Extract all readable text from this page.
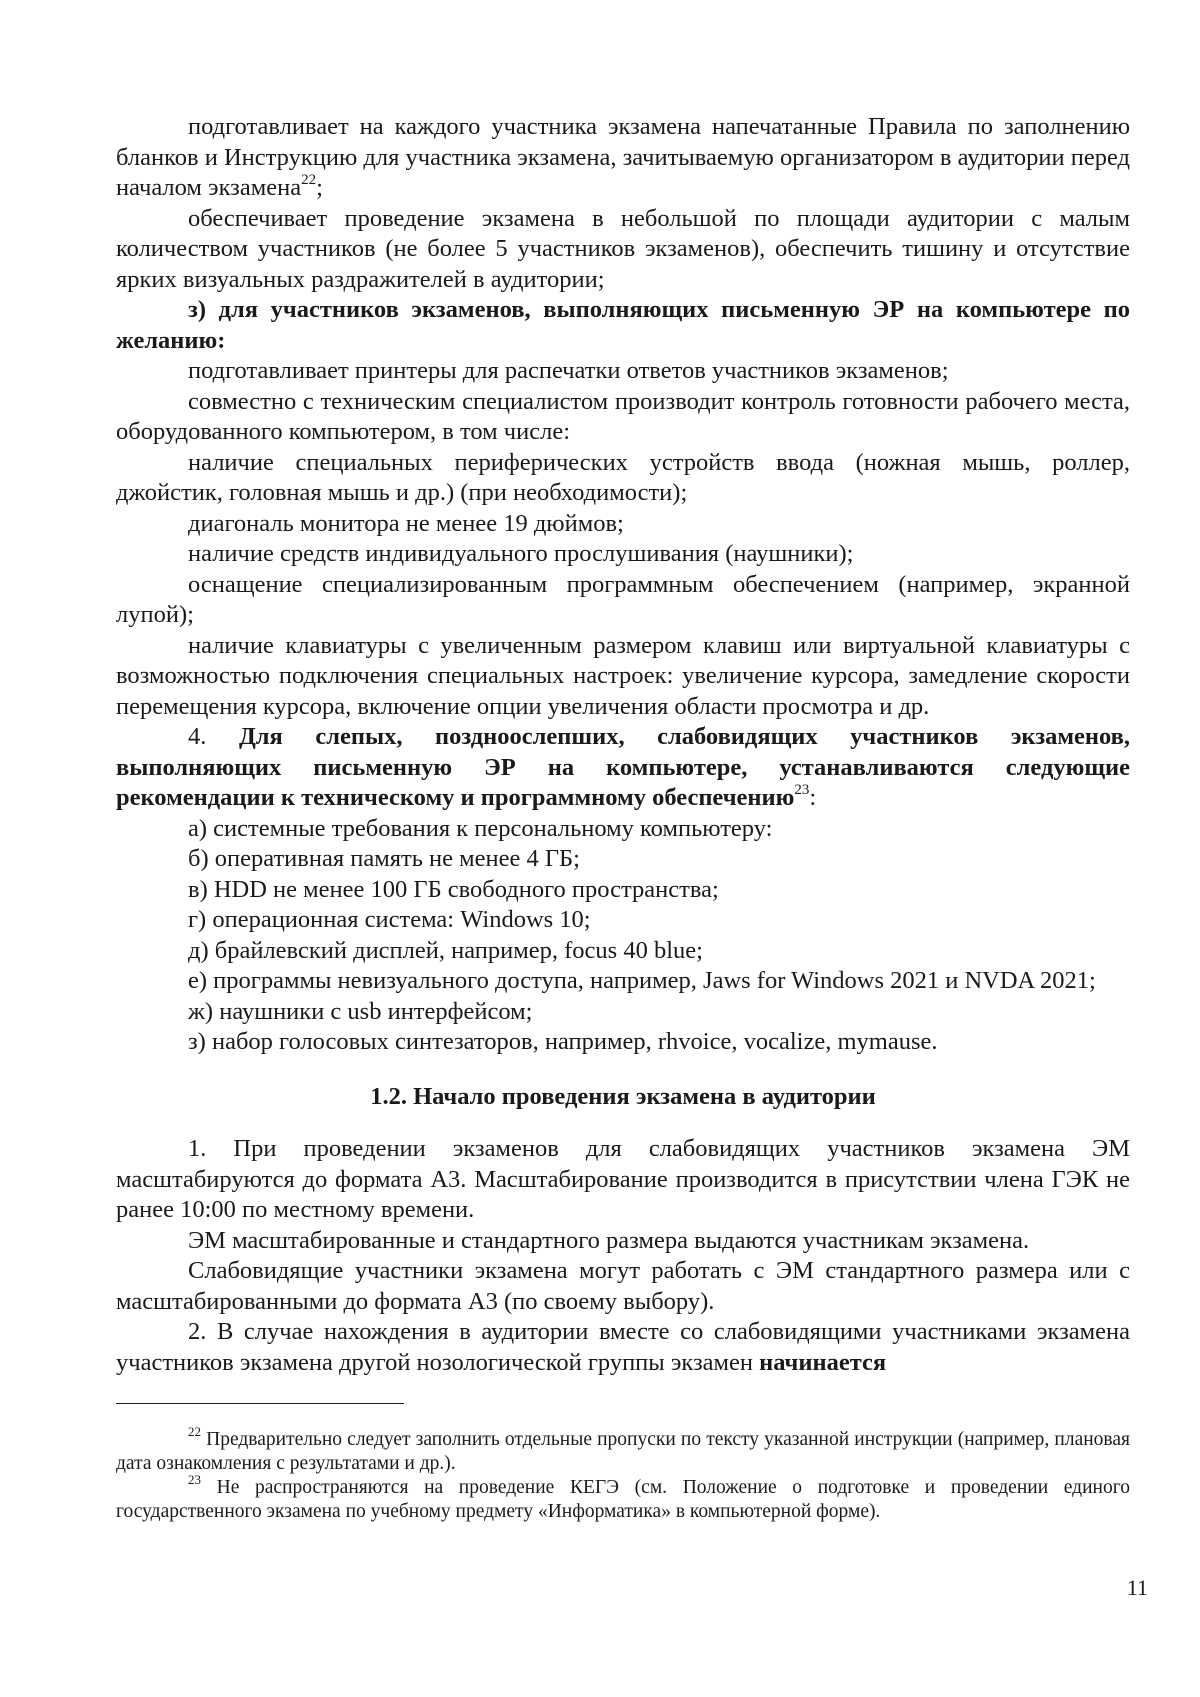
подготавливает на каждого участника экзамена напечатанные Правила по заполнению бланков и Инструкцию для участника экзамена, зачитываемую организатором в аудитории перед началом экзамена$^{22}$;

обеспечивает проведение экзамена в небольшой по площади аудитории с малым количеством участников (не более 5 участников экзаменов), обеспечить тишину и отсутствие ярких визуальных раздражителей в аудитории;

з) для участников экзаменов, выполняющих письменную ЭР на компьютере по желанию:

подготавливает принтеры для распечатки ответов участников экзаменов;

совместно с техническим специалистом производит контроль готовности рабочего места, оборудованного компьютером, в том числе:

наличие специальных периферических устройств ввода (ножная мышь, роллер, джойстик, головная мышь и др.) (при необходимости);

диагональ монитора не менее 19 дюймов;

наличие средств индивидуального прослушивания (наушники);

оснащение специализированным программным обеспечением (например, экранной лупой);

наличие клавиатуры с увеличенным размером клавиш или виртуальной клавиатуры с возможностью подключения специальных настроек: увеличение курсора, замедление скорости перемещения курсора, включение опции увеличения области просмотра и др.

4. Для слепых, поздноослепших, слабовидящих участников экзаменов, выполняющих письменную ЭР на компьютере, устанавливаются следующие рекомендации к техническому и программному обеспечению$^{23}$:

а) системные требования к персональному компьютеру:

б) оперативная память не менее 4 ГБ;

в) HDD не менее 100 ГБ свободного пространства;

г) операционная система: Windows 10;

д) брайлевский дисплей, например, focus 40 blue;

е) программы невизуального доступа, например, Jaws for Windows 2021 и NVDA 2021;

ж) наушники с usb интерфейсом;

з) набор голосовых синтезаторов, например, rhvoice, vocalize, mymause.

1.2. Начало проведения экзамена в аудитории

1. При проведении экзаменов для слабовидящих участников экзамена ЭМ масштабируются до формата А3. Масштабирование производится в присутствии члена ГЭК не ранее 10:00 по местному времени.

ЭМ масштабированные и стандартного размера выдаются участникам экзамена.

Слабовидящие участники экзамена могут работать с ЭМ стандартного размера или с масштабированными до формата А3 (по своему выбору).

2. В случае нахождения в аудитории вместе со слабовидящими участниками экзамена участников экзамена другой нозологической группы экзамен начинается

$^{22}$ Предварительно следует заполнить отдельные пропуски по тексту указанной инструкции (например, плановая дата ознакомления с результатами и др.).

$^{23}$ Не распространяются на проведение КЕГЭ (см. Положение о подготовке и проведении единого государственного экзамена по учебному предмету «Информатика» в компьютерной форме).

11
